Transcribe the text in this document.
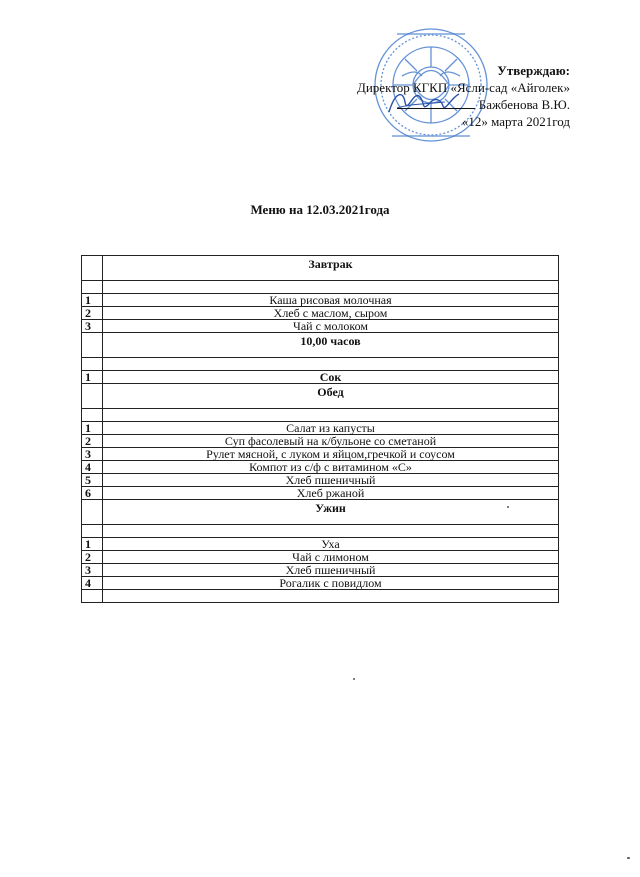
Утверждаю:
Директор КГКП «Ясли-сад «Айголек»
Бажбенова В.Ю.
«12» марта 2021год
Меню на 12.03.2021года
	Завтрак

1	Каша рисовая молочная
2	Хлеб с маслом, сыром
3	Чай с молоком
	10,00 часов

1	Сок
	Обед

1	Салат из капусты
2	Суп фасолевый на к/бульоне со сметаной
3	Рулет мясной, с луком и яйцом,гречкой и соусом
4	Компот из с/ф с витамином «С»
5	Хлеб пшеничный
6	Хлеб ржаной
	Ужин

1	Уха
2	Чай с лимоном
3	Хлеб пшеничный
4	Рогалик с повидлом
